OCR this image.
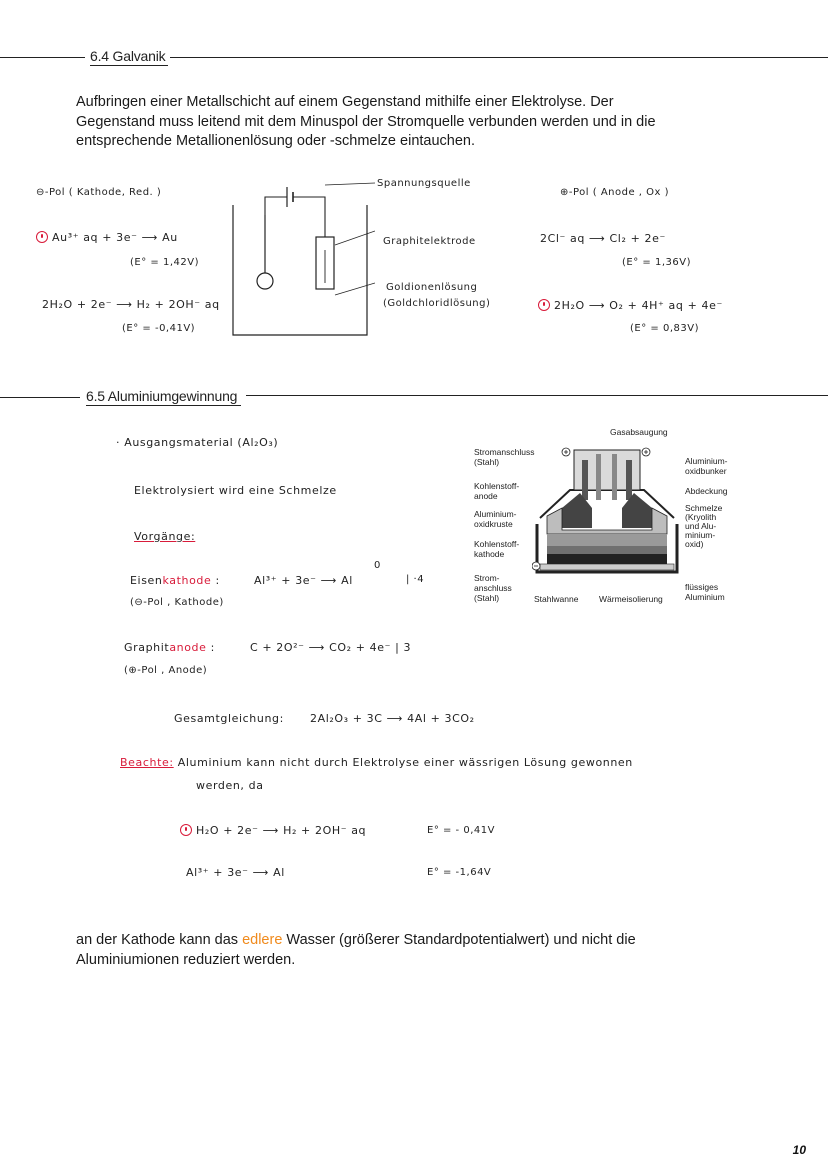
6.4 Galvanik
Aufbringen einer Metallschicht auf einem Gegenstand mithilfe einer Elektrolyse. Der
Gegenstand muss leitend mit dem Minuspol der Stromquelle verbunden werden und in die
entsprechende Metallionenlösung oder -schmelze eintauchen.
⊖-Pol ( Kathode, Red. )	⊕-Pol ( Anode , Ox )
Au³⁺ aq + 3e⁻ ⟶ Au
(E° = 1,42V)
2H₂O + 2e⁻ ⟶ H₂ + 2OH⁻ aq
(E° = -0,41V)
2Cl⁻ aq ⟶ Cl₂ + 2e⁻
(E° = 1,36V)
2H₂O ⟶ O₂ + 4H⁺ aq + 4e⁻
(E° = 0,83V)
Spannungsquelle
Graphitelektrode
Goldionenlösung
(Goldchloridlösung)
6.5 Aluminiumgewinnung
· Ausgangsmaterial (Al₂O₃)
Elektrolysiert wird eine Schmelze
Vorgänge:
Eisenkathode :
(⊖-Pol , Kathode)
Al³⁺ + 3e⁻ ⟶ Al
0
| ·4
Graphitanode :
(⊕-Pol , Anode)
C + 2O²⁻ ⟶ CO₂ + 4e⁻ | 3
Gesamtgleichung: 2Al₂O₃ + 3C ⟶ 4Al + 3CO₂
Beachte: Aluminium kann nicht durch Elektrolyse einer wässrigen Lösung gewonnen
werden, da
H₂O + 2e⁻ ⟶ H₂ + 2OH⁻ aq	E° = - 0,41V
Al³⁺ + 3e⁻ ⟶ Al	E° = -1,64V
an der Kathode kann das edlere Wasser (größerer Standardpotentialwert) und nicht die
Aluminiumionen reduziert werden.
Gasabsaugung
Aluminium-
oxidbunker
Abdeckung
Schmelze
(Kryolith
und Alu-
minium-
oxid)
flüssiges
Aluminium
Stromanschluss
(Stahl)
Kohlenstoff-
anode
Aluminium-
oxidkruste
Kohlenstoff-
kathode
Strom-
anschluss
(Stahl)	Stahlwanne Wärmeisolierung
10
